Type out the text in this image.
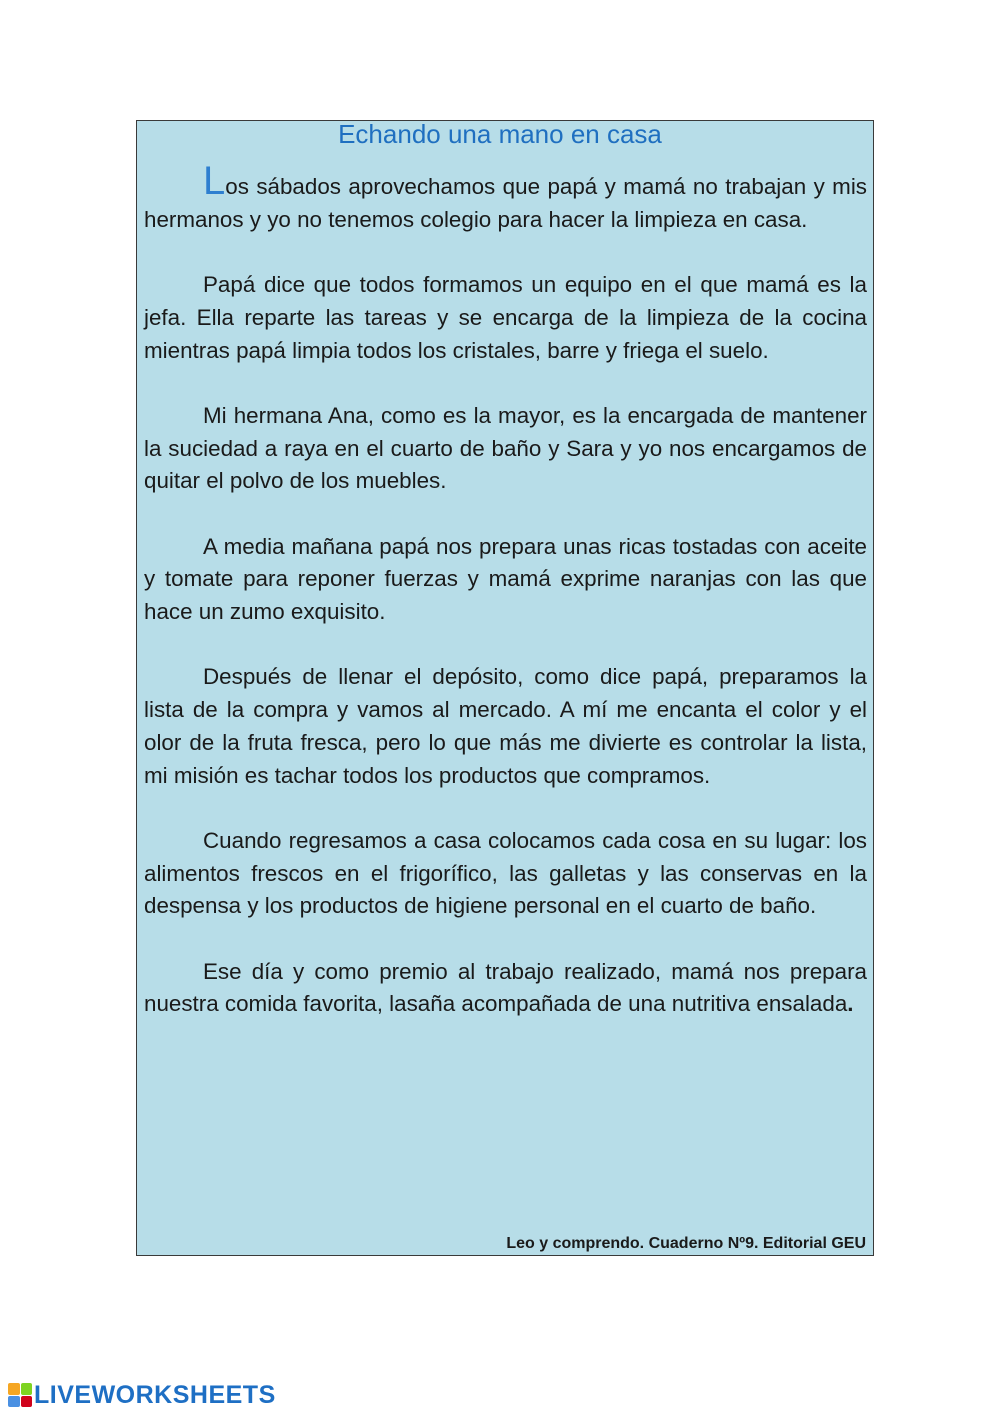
Los sábados aprovechamos que papá y mamá no trabajan y mis hermanos y yo no tenemos colegio para hacer la limpieza en casa.

Papá dice que todos formamos un equipo en el que mamá es la jefa. Ella reparte las tareas y se encarga de la limpieza de la cocina mientras papá limpia todos los cristales, barre y friega el suelo.

Mi hermana Ana, como es la mayor, es la encargada de mantener la suciedad a raya en el cuarto de baño y Sara y yo nos encargamos de quitar el polvo de los muebles.

A media mañana papá nos prepara unas ricas tostadas con aceite y tomate para reponer fuerzas y mamá exprime naranjas con las que hace un zumo exquisito.

Después de llenar el depósito, como dice papá, preparamos la lista de la compra y vamos al mercado. A mí me encanta el color y el olor de la fruta fresca, pero lo que más me divierte es controlar la lista, mi misión es tachar todos los productos que compramos.

Cuando regresamos a casa colocamos cada cosa en su lugar: los alimentos frescos en el frigorífico, las galletas y las conservas en la despensa y los productos de higiene personal en el cuarto de baño.

Ese día y como premio al trabajo realizado, mamá nos prepara nuestra comida favorita, lasaña acompañada de una nutritiva ensalada.

Leo y comprendo. Cuaderno Nº9. Editorial GEU
Echando una mano en casa
LIVEWORKSHEETS
